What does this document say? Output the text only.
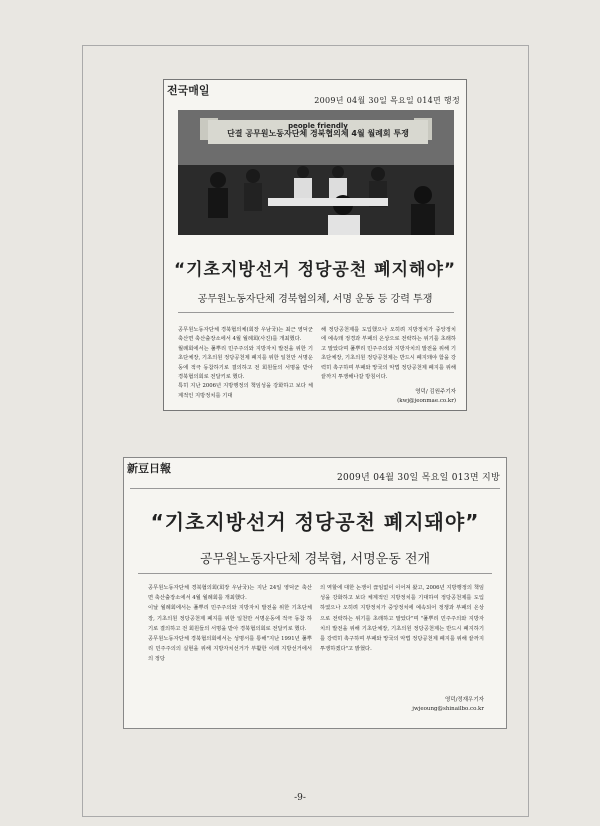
전국매일
2009년 04월 30일 목요일 014면 행정
people friendly
단결 공무원노동자단체 경북협의체 4월 월례회 투쟁
“기초지방선거 정당공천 폐지해야”
공무원노동자단체 경북협의체, 서명 운동 등 강력 투쟁
공무원노동자단체 경북협의체(회장 우남국)는 최근 영덕군 축산면 축산출장소에서 4월 월례회(사진)를 개최했다.
월례회에서는 풀뿌리 민주주의와 지방자치 발전을 위한 기초단체장, 기초의원 정당공천제 폐지를 위한 일천만 서명운동에 적극 동참하기로 결의하고 전 회원들의 서명을 받아 경북협의회로 전달키로 했다.
특히 지난 2006년 지방행정의 책임성을 강화하고 보다 체계적인 지방정치를 기대
해 정당공천제를 도입했으나 오히려 지방정치가 중앙정치에 예속돼 정경과 부패의 온상으로 전락하는 위기를 초래하고 말았다며 풀뿌리 민주주의와 지방자치의 발전을 위해 기초단체장, 기초의원 정당공천제는 반드시 폐지돼야 함을 강력히 촉구하며 부패와 망국의 악법 정당공천제 폐지를 위해 끝까지 투쟁해나갈 방침이다.
영덕/ 김원주기자
(kwj@jeonmae.co.kr)
新豆日報
2009년 04월 30일 목요일 013면 지방
“기초지방선거 정당공천 폐지돼야”
공무원노동자단체 경북협, 서명운동 전개
공무원노동자단체 경북협의회(회장 우남국)는 지난 24일 영덕군 축산면 축산출장소에서 4월 월례회를 개최했다.
이날 월례회에서는 풀뿌리 민주주의와 지방자치 발전을 위한 기초단체장, 기초의원 정당공천제 폐지를 위한 일천만 서명운동에 적극 동참 하기로 결의하고 전 회원들의 서명을 받아 경북협의회로 전달키로 했다.
공무원노동자단체 경북협의회에서는 성명서를 통해"지난 1991년 풀뿌리 민주주의의 실현을 위해 지방자치선거가 부활한 이래 지방선거에서의 정당
의 역할에 대한 논쟁이 끊임없이 이어져 왔고, 2006년 지방행정의 책임성을 강화하고 보다 체계적인 지방정치를 기대하여 정당공천제를 도입하였으나 오히려 지방정치가 중앙정치에 예속되어 정쟁과 부패의 온상으로 전락하는 위기를 초래하고 말았다"며 "풀뿌리 민주주의와 지방자치의 발전을 위해 기초단체장, 기초의원 정당공천제는 반드시 폐지하기를 강력히 촉구하며 부패와 망국의 악법 정당공천제 폐지를 위해 끝까지 투쟁하겠다"고 밝혔다.
영덕/정재우기자
jwjeoung@shinailbo.co.kr
-9-
